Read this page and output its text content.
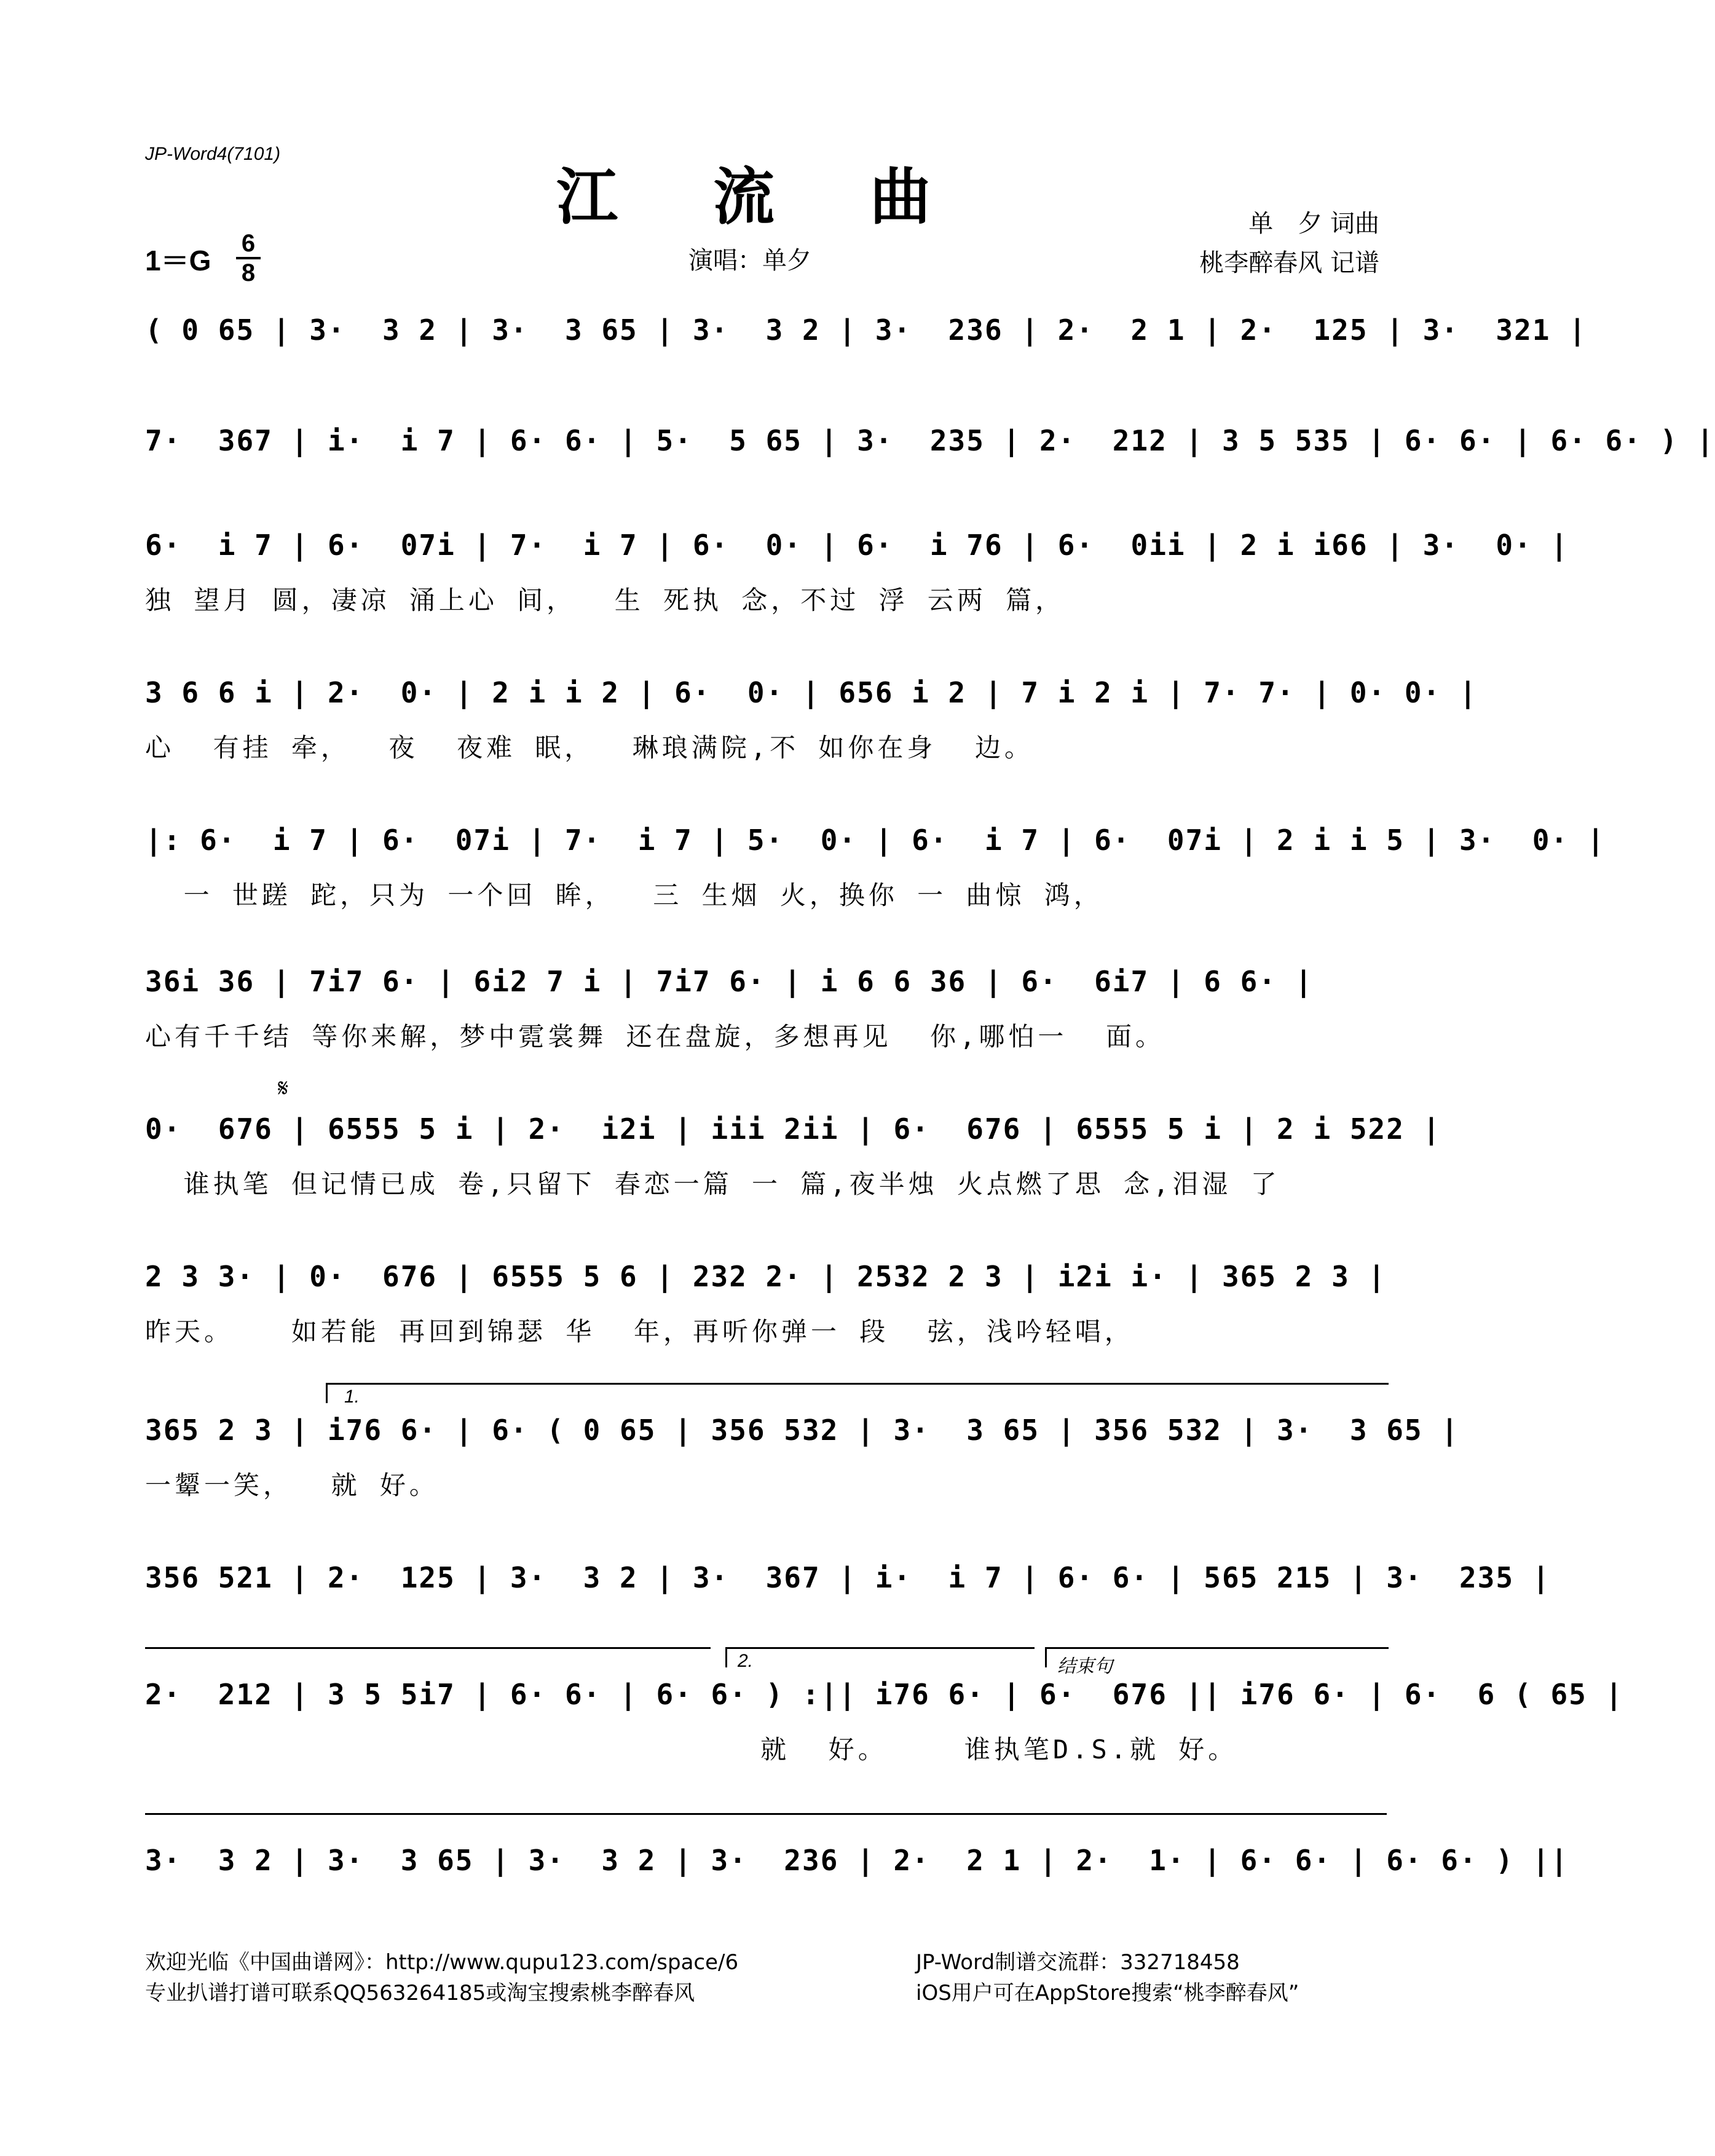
JP-Word4(7101)
江 流 曲
1＝G
6
8	演唱：单夕
单　夕 词曲
桃李醉春风 记谱
( 0 65 | 3·  3 2 | 3·  3 65 | 3·  3 2 | 3·  236 | 2·  2 1 | 2·  125 | 3·  321 |
7·  367 | i·  i 7 | 6· 6· | 5·  5 65 | 3·  235 | 2·  212 | 3 5 535 | 6· 6· | 6· 6· ) |
6·  i 7 | 6·  07i | 7·  i 7 | 6·  0· | 6·  i 76 | 6·  0ii | 2 i i66 | 3·  0· |
独 望月 圆，凄凉 涌上心 间，  生 死执 念，不过 浮 云两 篇，
3 6 6 i | 2·  0· | 2 i i 2 | 6·  0· | 656 i 2 | 7 i 2 i | 7· 7· | 0· 0· |
心  有挂 牵，  夜  夜难 眠，  琳琅满院,不 如你在身  边。
|: 6·  i 7 | 6·  07i | 7·  i 7 | 5·  0· | 6·  i 7 | 6·  07i | 2 i i 5 | 3·  0· |
一 世蹉 跎，只为 一个回 眸，  三 生烟 火，换你 一 曲惊 鸿，
36i 36 | 7i7 6· | 6i2 7 i | 7i7 6· | i 6 6 36 | 6·  6i7 | 6 6· |
心有千千结 等你来解，梦中霓裳舞 还在盘旋，多想再见  你,哪怕一  面。
𝄋
0·  676 | 6555 5 i | 2·  i2i | iii 2ii | 6·  676 | 6555 5 i | 2 i 522 |
谁执笔 但记情已成 卷,只留下 春恋一篇 一 篇,夜半烛 火点燃了思 念,泪湿 了
2 3 3· | 0·  676 | 6555 5 6 | 232 2· | 2532 2 3 | i2i i· | 365 2 3 |
昨天。   如若能 再回到锦瑟 华  年，再听你弹一 段  弦，浅吟轻唱，
1.
365 2 3 | i76 6· | 6· ( 0 65 | 356 532 | 3·  3 65 | 356 532 | 3·  3 65 |
一颦一笑，  就 好。
356 521 | 2·  125 | 3·  3 2 | 3·  367 | i·  i 7 | 6· 6· | 565 215 | 3·  235 |
2.	结束句
2·  212 | 3 5 5i7 | 6· 6· | 6· 6· ) :|| i76 6· | 6·  676 || i76 6· | 6·  6 ( 65 |
就  好。    谁执笔D.S.就 好。
3·  3 2 | 3·  3 65 | 3·  3 2 | 3·  236 | 2·  2 1 | 2·  1· | 6· 6· | 6· 6· ) ||
欢迎光临《中国曲谱网》：http://www.qupu123.com/space/6
专业扒谱打谱可联系QQ563264185或淘宝搜索桃李醉春风
JP-Word制谱交流群：332718458
iOS用户可在AppStore搜索“桃李醉春风”
